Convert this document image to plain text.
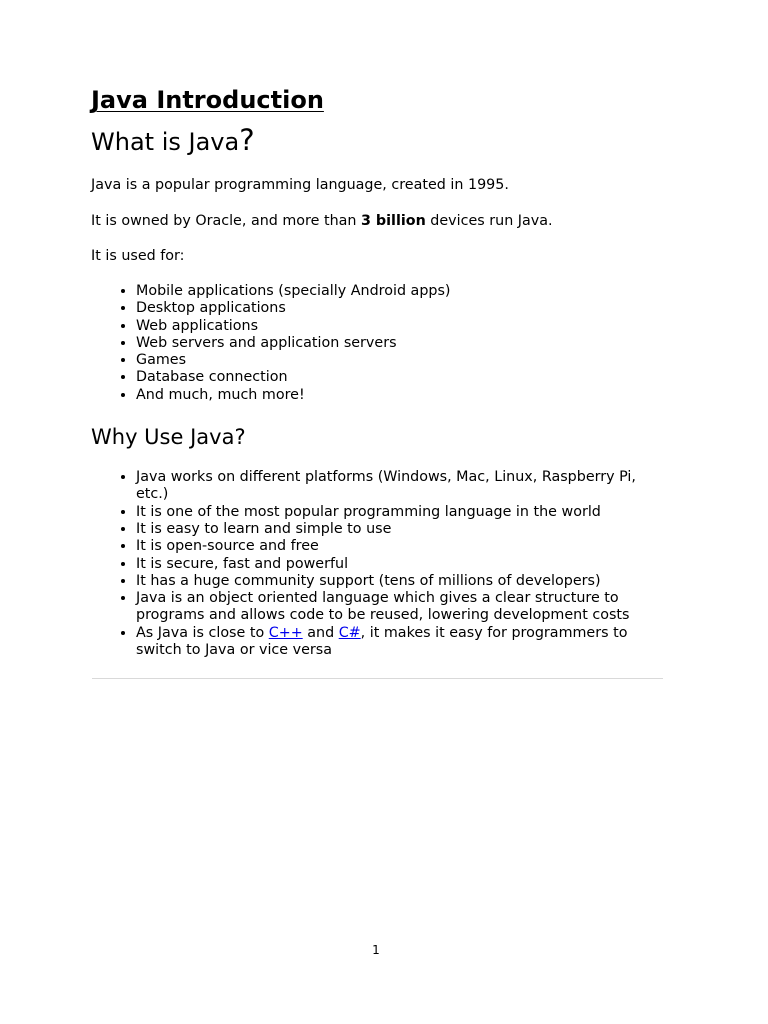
Java Introduction
What is Java?

Java is a popular programming language, created in 1995.

It is owned by Oracle, and more than 3 billion devices run Java.

It is used for:

• Mobile applications (specially Android apps)
• Desktop applications
• Web applications
• Web servers and application servers
• Games
• Database connection
• And much, much more!
Why Use Java?
• Java works on different platforms (Windows, Mac, Linux, Raspberry Pi, etc.)
• It is one of the most popular programming language in the world
• It is easy to learn and simple to use
• It is open-source and free
• It is secure, fast and powerful
• It has a huge community support (tens of millions of developers)
• Java is an object oriented language which gives a clear structure to programs and allows code to be reused, lowering development costs
• As Java is close to C++ and C#, it makes it easy for programmers to switch to Java or vice versa
1
